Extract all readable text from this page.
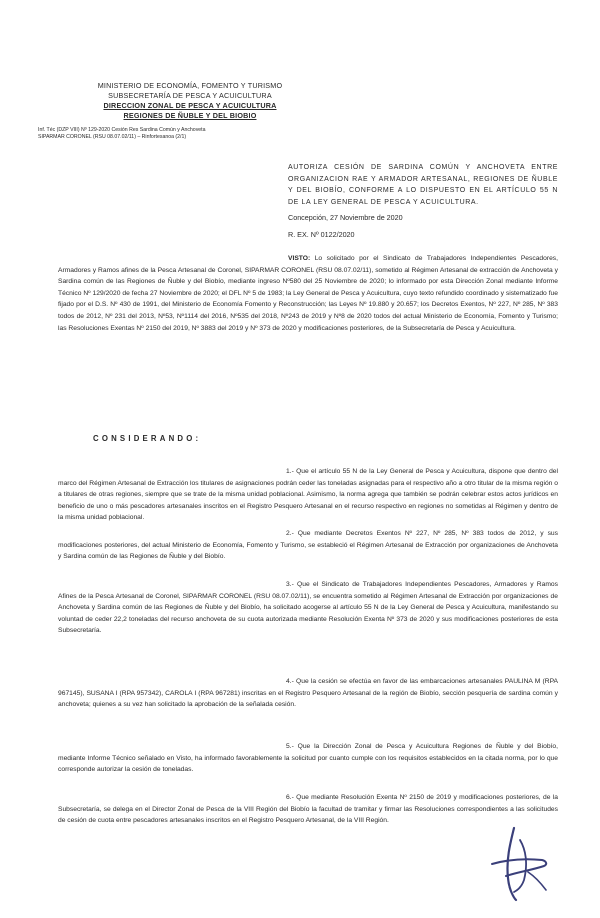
MINISTERIO DE ECONOMÍA, FOMENTO Y TURISMO
SUBSECRETARÍA DE PESCA Y ACUICULTURA
DIRECCION ZONAL DE PESCA Y ACUICULTURA
REGIONES DE ÑUBLE Y DEL BIOBIO
Inf. Téc (DZP VIII) Nº 129-2020 Cesión Res Sardina Común y Anchoveta
SIPARMAR CORONEL (RSU 08.07.02/11) – Rinfortesanoa (2/1)

AUTORIZA CESIÓN DE SARDINA COMÚN Y ANCHOVETA ENTRE ORGANIZACION RAE Y ARMADOR ARTESANAL, REGIONES DE ÑUBLE Y DEL BIOBÍO, CONFORME A LO DISPUESTO EN EL ARTÍCULO 55 N DE LA LEY GENERAL DE PESCA Y ACUICULTURA.

Concepción, 27 Noviembre de 2020

R. EX. Nº 0122/2020

VISTO: Lo solicitado por el Sindicato de Trabajadores Independientes Pescadores, Armadores y Ramos afines de la Pesca Artesanal de Coronel, SIPARMAR CORONEL (RSU 08.07.02/11), sometido al Régimen Artesanal de extracción de Anchoveta y Sardina común de las Regiones de Ñuble y del Biobío, mediante ingreso Nº580 del 25 Noviembre de 2020; lo informado por esta Dirección Zonal mediante Informe Técnico Nº 129/2020 de fecha 27 Noviembre de 2020; el DFL Nº 5 de 1983; la Ley General de Pesca y Acuicultura, cuyo texto refundido coordinado y sistematizado fue fijado por el D.S. Nº 430 de 1991, del Ministerio de Economía Fomento y Reconstrucción; las Leyes Nº 19.880 y 20.657; los Decretos Exentos, Nº 227, Nº 285, Nº 383 todos de 2012, Nº 231 del 2013, Nº53, Nº1114 del 2016, Nº535 del 2018, Nº243 de 2019 y Nº8 de 2020 todos del actual Ministerio de Economía, Fomento y Turismo; las Resoluciones Exentas Nº 2150 del 2019, Nº 3883 del 2019 y Nº 373 de 2020 y modificaciones posteriores, de la Subsecretaría de Pesca y Acuicultura.

CONSIDERANDO:

1.- Que el artículo 55 N de la Ley General de Pesca y Acuicultura, dispone que dentro del marco del Régimen Artesanal de Extracción los titulares de asignaciones podrán ceder las toneladas asignadas para el respectivo año a otro titular de la misma región o a titulares de otras regiones, siempre que se trate de la misma unidad poblacional. Asimismo, la norma agrega que también se podrán celebrar estos actos jurídicos en beneficio de uno o más pescadores artesanales inscritos en el Registro Pesquero Artesanal en el recurso respectivo en regiones no sometidas al Régimen y dentro de la misma unidad poblacional.

2.- Que mediante Decretos Exentos Nº 227, Nº 285, Nº 383 todos de 2012, y sus modificaciones posteriores, del actual Ministerio de Economía, Fomento y Turismo, se estableció el Régimen Artesanal de Extracción por organizaciones de Anchoveta y Sardina común de las Regiones de Ñuble y del Biobío.

3.- Que el Sindicato de Trabajadores Independientes Pescadores, Armadores y Ramos Afines de la Pesca Artesanal de Coronel, SIPARMAR CORONEL (RSU 08.07.02/11), se encuentra sometido al Régimen Artesanal de Extracción por organizaciones de Anchoveta y Sardina común de las Regiones de Ñuble y del Biobío, ha solicitado acogerse al artículo 55 N de la Ley General de Pesca y Acuicultura, manifestando su voluntad de ceder 22,2 toneladas del recurso anchoveta de su cuota autorizada mediante Resolución Exenta Nº 373 de 2020 y sus modificaciones posteriores de esta Subsecretaría.

4.- Que la cesión se efectúa en favor de las embarcaciones artesanales PAULINA M (RPA 967145), SUSANA I (RPA 957342), CAROLA I (RPA 967281) inscritas en el Registro Pesquero Artesanal de la región de Biobío, sección pesquería de sardina común y anchoveta; quienes a su vez han solicitado la aprobación de la señalada cesión.

5.- Que la Dirección Zonal de Pesca y Acuicultura Regiones de Ñuble y del Biobío, mediante Informe Técnico señalado en Visto, ha informado favorablemente la solicitud por cuanto cumple con los requisitos establecidos en la citada norma, por lo que corresponde autorizar la cesión de toneladas.

6.- Que mediante Resolución Exenta Nº 2150 de 2019 y modificaciones posteriores, de la Subsecretaría, se delega en el Director Zonal de Pesca de la VIII Región del Biobío la facultad de tramitar y firmar las Resoluciones correspondientes a las solicitudes de cesión de cuota entre pescadores artesanales inscritos en el Registro Pesquero Artesanal, de la VIII Región.
